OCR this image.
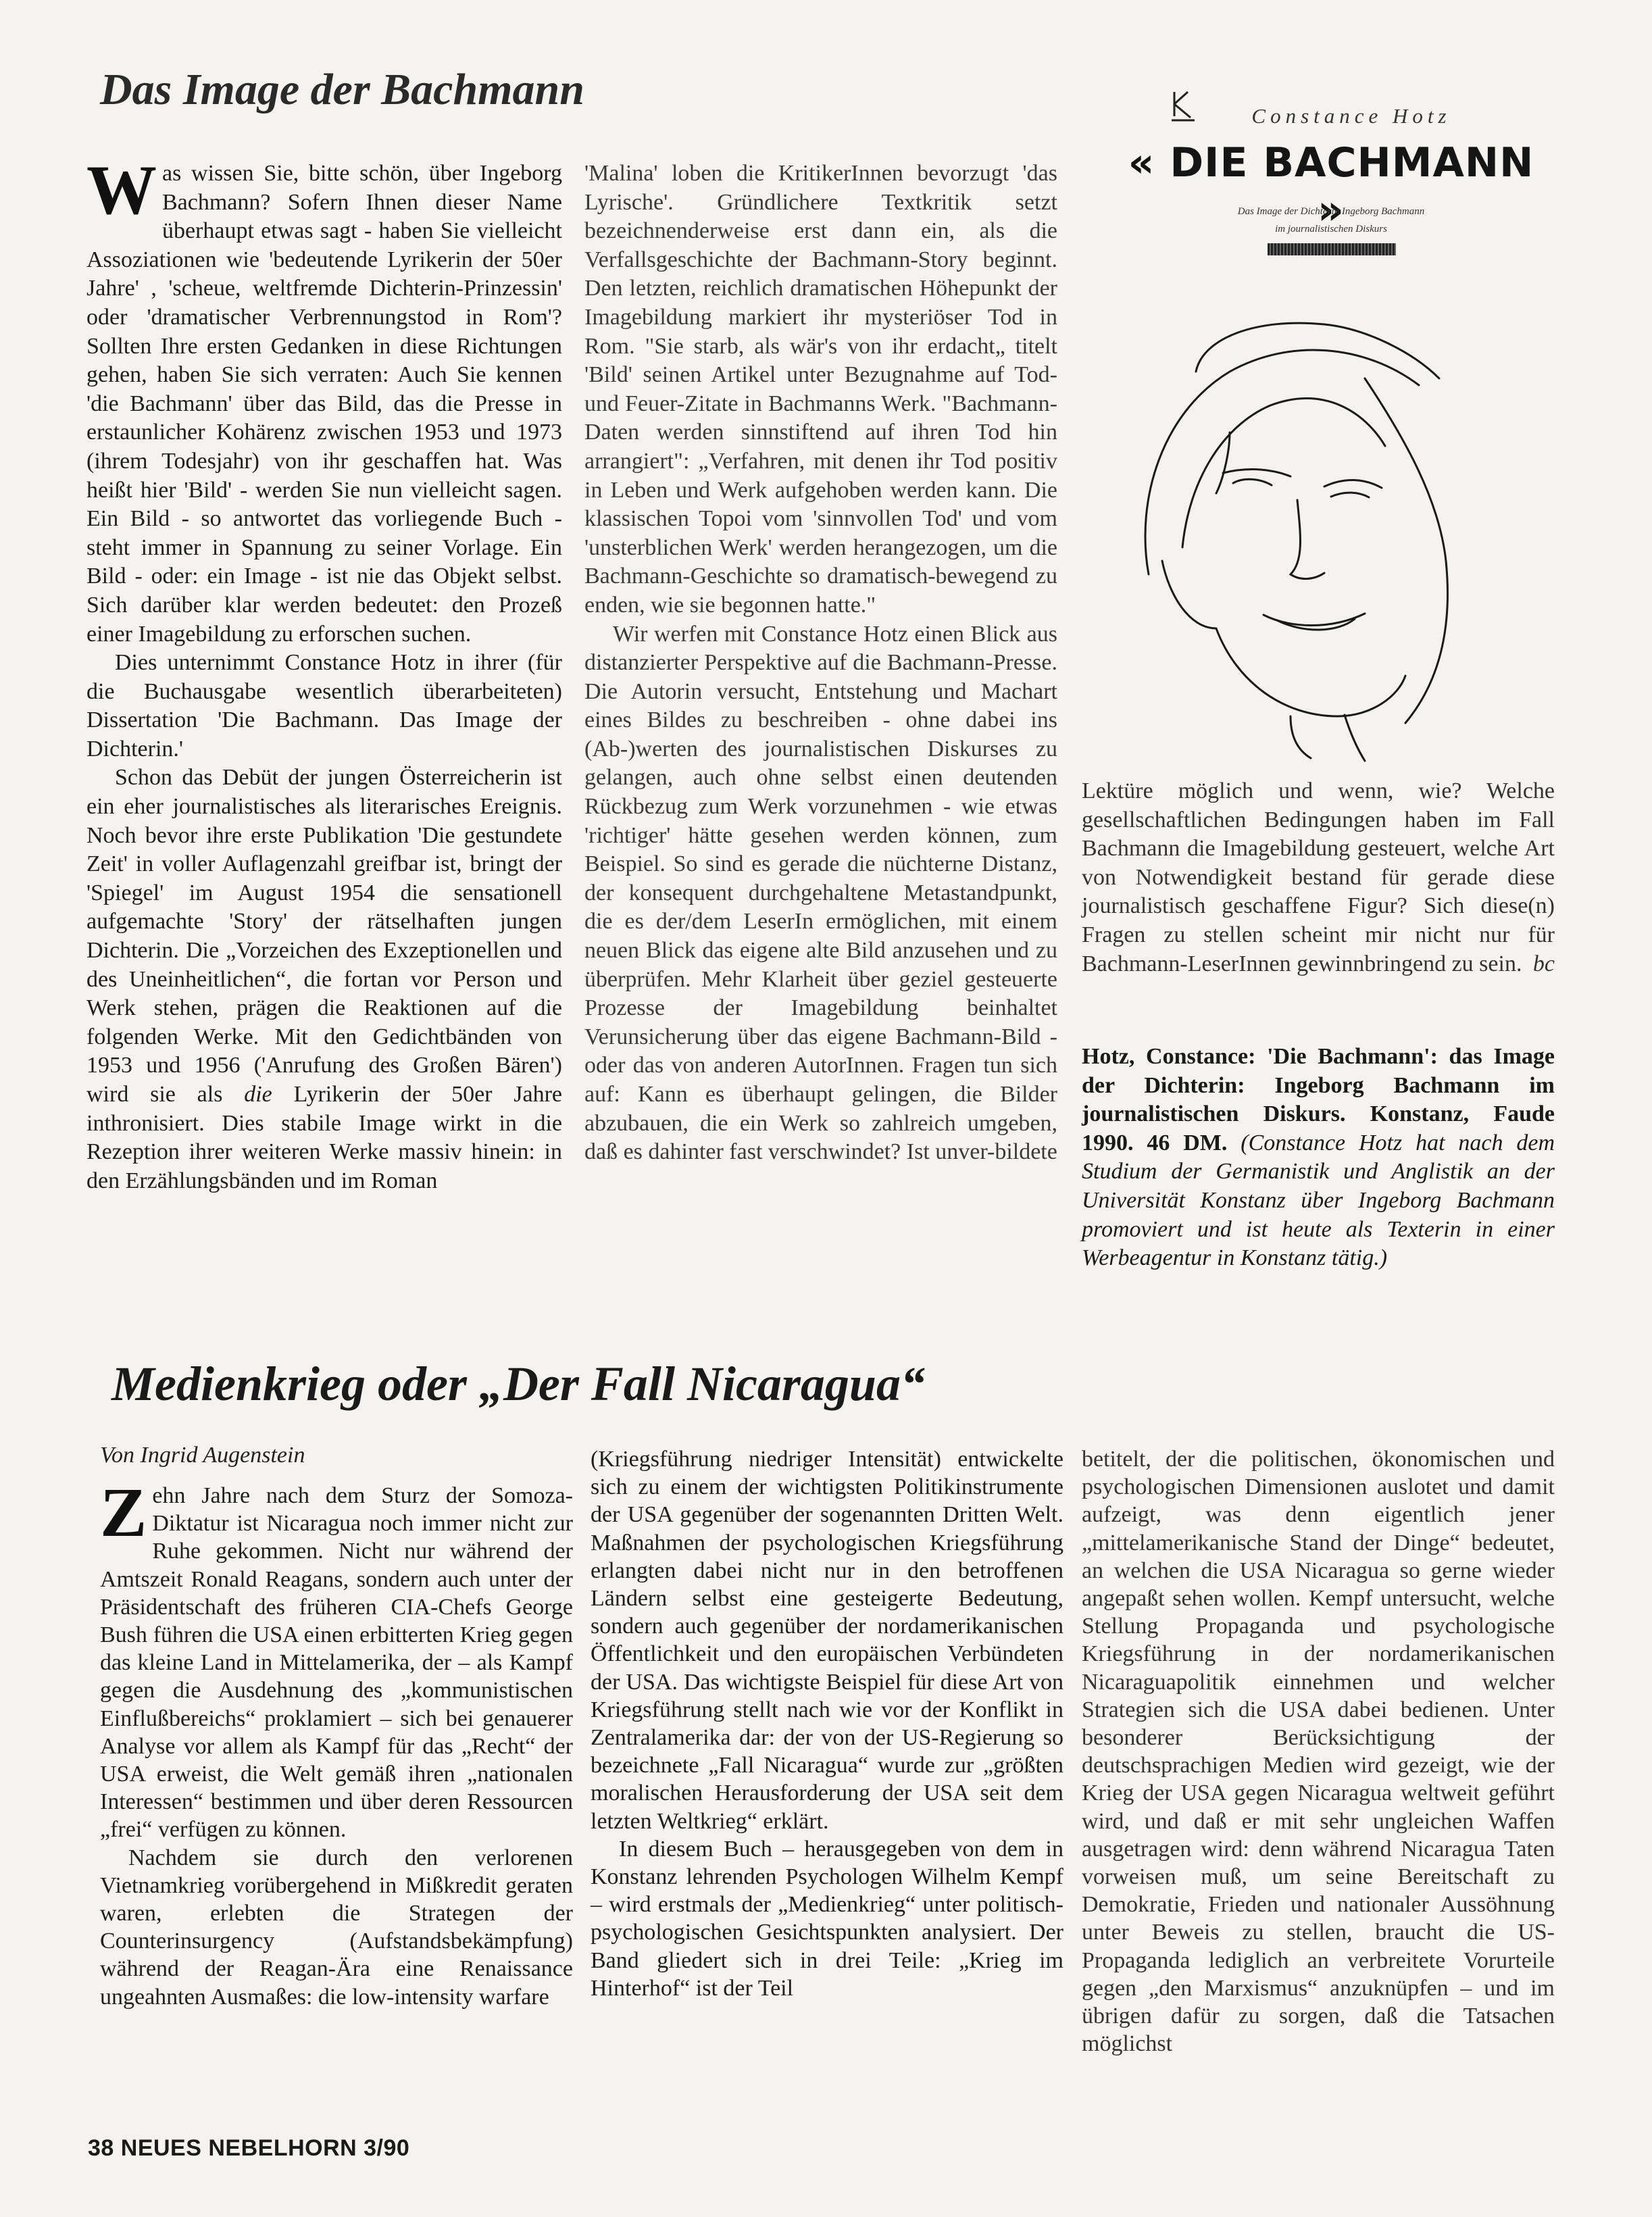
Das Image der Bachmann

Was wissen Sie, bitte schön, über Ingeborg Bachmann? Sofern Ihnen dieser Name überhaupt etwas sagt - haben Sie vielleicht Assoziationen wie 'bedeutende Lyrikerin der 50er Jahre' , 'scheue, weltfremde Dichterin-Prinzessin' oder 'dramatischer Verbrennungstod in Rom'? Sollten Ihre ersten Gedanken in diese Richtungen gehen, haben Sie sich verraten: Auch Sie kennen 'die Bachmann' über das Bild, das die Presse in erstaunlicher Kohärenz zwischen 1953 und 1973 (ihrem Todesjahr) von ihr geschaffen hat. Was heißt hier 'Bild' - werden Sie nun vielleicht sagen. Ein Bild - so antwortet das vorliegende Buch - steht immer in Spannung zu seiner Vorlage. Ein Bild - oder: ein Image - ist nie das Objekt selbst. Sich darüber klar werden bedeutet: den Prozeß einer Imagebildung zu erforschen suchen.

Dies unternimmt Constance Hotz in ihrer (für die Buchausgabe wesentlich überarbeiteten) Dissertation 'Die Bachmann. Das Image der Dichterin.'

Schon das Debüt der jungen Österreicherin ist ein eher journalistisches als literarisches Ereignis. Noch bevor ihre erste Publikation 'Die gestundete Zeit' in voller Auflagenzahl greifbar ist, bringt der 'Spiegel' im August 1954 die sensationell aufgemachte 'Story' der rätselhaften jungen Dichterin. Die „Vorzeichen des Exzeptionellen und des Uneinheitlichen“, die fortan vor Person und Werk stehen, prägen die Reaktionen auf die folgenden Werke. Mit den Gedichtbänden von 1953 und 1956 ('Anrufung des Großen Bären') wird sie als die Lyrikerin der 50er Jahre inthronisiert. Dies stabile Image wirkt in die Rezeption ihrer weiteren Werke massiv hinein: in den Erzählungsbänden und im Roman

'Malina' loben die KritikerInnen bevorzugt 'das Lyrische'. Gründlichere Textkritik setzt bezeichnenderweise erst dann ein, als die Verfallsgeschichte der Bachmann-Story beginnt. Den letzten, reichlich dramatischen Höhepunkt der Imagebildung markiert ihr mysteriöser Tod in Rom. "Sie starb, als wär's von ihr erdacht„ titelt 'Bild' seinen Artikel unter Bezugnahme auf Tod- und Feuer-Zitate in Bachmanns Werk. "Bachmann-Daten werden sinnstiftend auf ihren Tod hin arrangiert": „Verfahren, mit denen ihr Tod positiv in Leben und Werk aufgehoben werden kann. Die klassischen Topoi vom 'sinnvollen Tod' und vom 'unsterblichen Werk' werden herangezogen, um die Bachmann-Geschichte so dramatisch-bewegend zu enden, wie sie begonnen hatte."

Wir werfen mit Constance Hotz einen Blick aus distanzierter Perspektive auf die Bachmann-Presse. Die Autorin versucht, Entstehung und Machart eines Bildes zu beschreiben - ohne dabei ins (Ab-)werten des journalistischen Diskurses zu gelangen, auch ohne selbst einen deutenden Rückbezug zum Werk vorzunehmen - wie etwas 'richtiger' hätte gesehen werden können, zum Beispiel. So sind es gerade die nüchterne Distanz, der konsequent durchgehaltene Metastandpunkt, die es der/dem LeserIn ermöglichen, mit einem neuen Blick das eigene alte Bild anzusehen und zu überprüfen. Mehr Klarheit über geziel gesteuerte Prozesse der Imagebildung beinhaltet Verunsicherung über das eigene Bachmann-Bild - oder das von anderen AutorInnen. Fragen tun sich auf: Kann es überhaupt gelingen, die Bilder abzubauen, die ein Werk so zahlreich umgeben, daß es dahinter fast verschwindet? Ist unver-bildete

Constance Hotz
« DIE BACHMANN »
Das Image der Dichterin Ingeborg Bachmann
im journalistischen Diskurs

Lektüre möglich und wenn, wie? Welche gesellschaftlichen Bedingungen haben im Fall Bachmann die Imagebildung gesteuert, welche Art von Notwendigkeit bestand für gerade diese journalistisch geschaffene Figur? Sich diese(n) Fragen zu stellen scheint mir nicht nur für Bachmann-LeserInnen gewinnbringend zu sein. bc

Hotz, Constance: 'Die Bachmann': das Image der Dichterin: Ingeborg Bachmann im journalistischen Diskurs. Konstanz, Faude 1990. 46 DM. (Constance Hotz hat nach dem Studium der Germanistik und Anglistik an der Universität Konstanz über Ingeborg Bachmann promoviert und ist heute als Texterin in einer Werbeagentur in Konstanz tätig.)
Medienkrieg oder „Der Fall Nicaragua“
Von Ingrid Augenstein

Zehn Jahre nach dem Sturz der Somoza-Diktatur ist Nicaragua noch immer nicht zur Ruhe gekommen. Nicht nur während der Amtszeit Ronald Reagans, sondern auch unter der Präsidentschaft des früheren CIA-Chefs George Bush führen die USA einen erbitterten Krieg gegen das kleine Land in Mittelamerika, der – als Kampf gegen die Ausdehnung des „kommunistischen Einflußbereichs“ proklamiert – sich bei genauerer Analyse vor allem als Kampf für das „Recht“ der USA erweist, die Welt gemäß ihren „nationalen Interessen“ bestimmen und über deren Ressourcen „frei“ verfügen zu können.

Nachdem sie durch den verlorenen Vietnamkrieg vorübergehend in Mißkredit geraten waren, erlebten die Strategen der Counterinsurgency (Aufstandsbekämpfung) während der Reagan-Ära eine Renaissance ungeahnten Ausmaßes: die low-intensity warfare

(Kriegsführung niedriger Intensität) entwickelte sich zu einem der wichtigsten Politikinstrumente der USA gegenüber der sogenannten Dritten Welt. Maßnahmen der psychologischen Kriegsführung erlangten dabei nicht nur in den betroffenen Ländern selbst eine gesteigerte Bedeutung, sondern auch gegenüber der nordamerikanischen Öffentlichkeit und den europäischen Verbündeten der USA. Das wichtigste Beispiel für diese Art von Kriegsführung stellt nach wie vor der Konflikt in Zentralamerika dar: der von der US-Regierung so bezeichnete „Fall Nicaragua“ wurde zur „größten moralischen Herausforderung der USA seit dem letzten Weltkrieg“ erklärt.

In diesem Buch – herausgegeben von dem in Konstanz lehrenden Psychologen Wilhelm Kempf – wird erstmals der „Medienkrieg“ unter politisch-psychologischen Gesichtspunkten analysiert. Der Band gliedert sich in drei Teile: „Krieg im Hinterhof“ ist der Teil

betitelt, der die politischen, ökonomischen und psychologischen Dimensionen auslotet und damit aufzeigt, was denn eigentlich jener „mittelamerikanische Stand der Dinge“ bedeutet, an welchen die USA Nicaragua so gerne wieder angepaßt sehen wollen. Kempf untersucht, welche Stellung Propaganda und psychologische Kriegsführung in der nordamerikanischen Nicaraguapolitik einnehmen und welcher Strategien sich die USA dabei bedienen. Unter besonderer Berücksichtigung der deutschsprachigen Medien wird gezeigt, wie der Krieg der USA gegen Nicaragua weltweit geführt wird, und daß er mit sehr ungleichen Waffen ausgetragen wird: denn während Nicaragua Taten vorweisen muß, um seine Bereitschaft zu Demokratie, Frieden und nationaler Aussöhnung unter Beweis zu stellen, braucht die US-Propaganda lediglich an verbreitete Vorurteile gegen „den Marxismus“ anzuknüpfen – und im übrigen dafür zu sorgen, daß die Tatsachen möglichst

38 NEUES NEBELHORN 3/90
